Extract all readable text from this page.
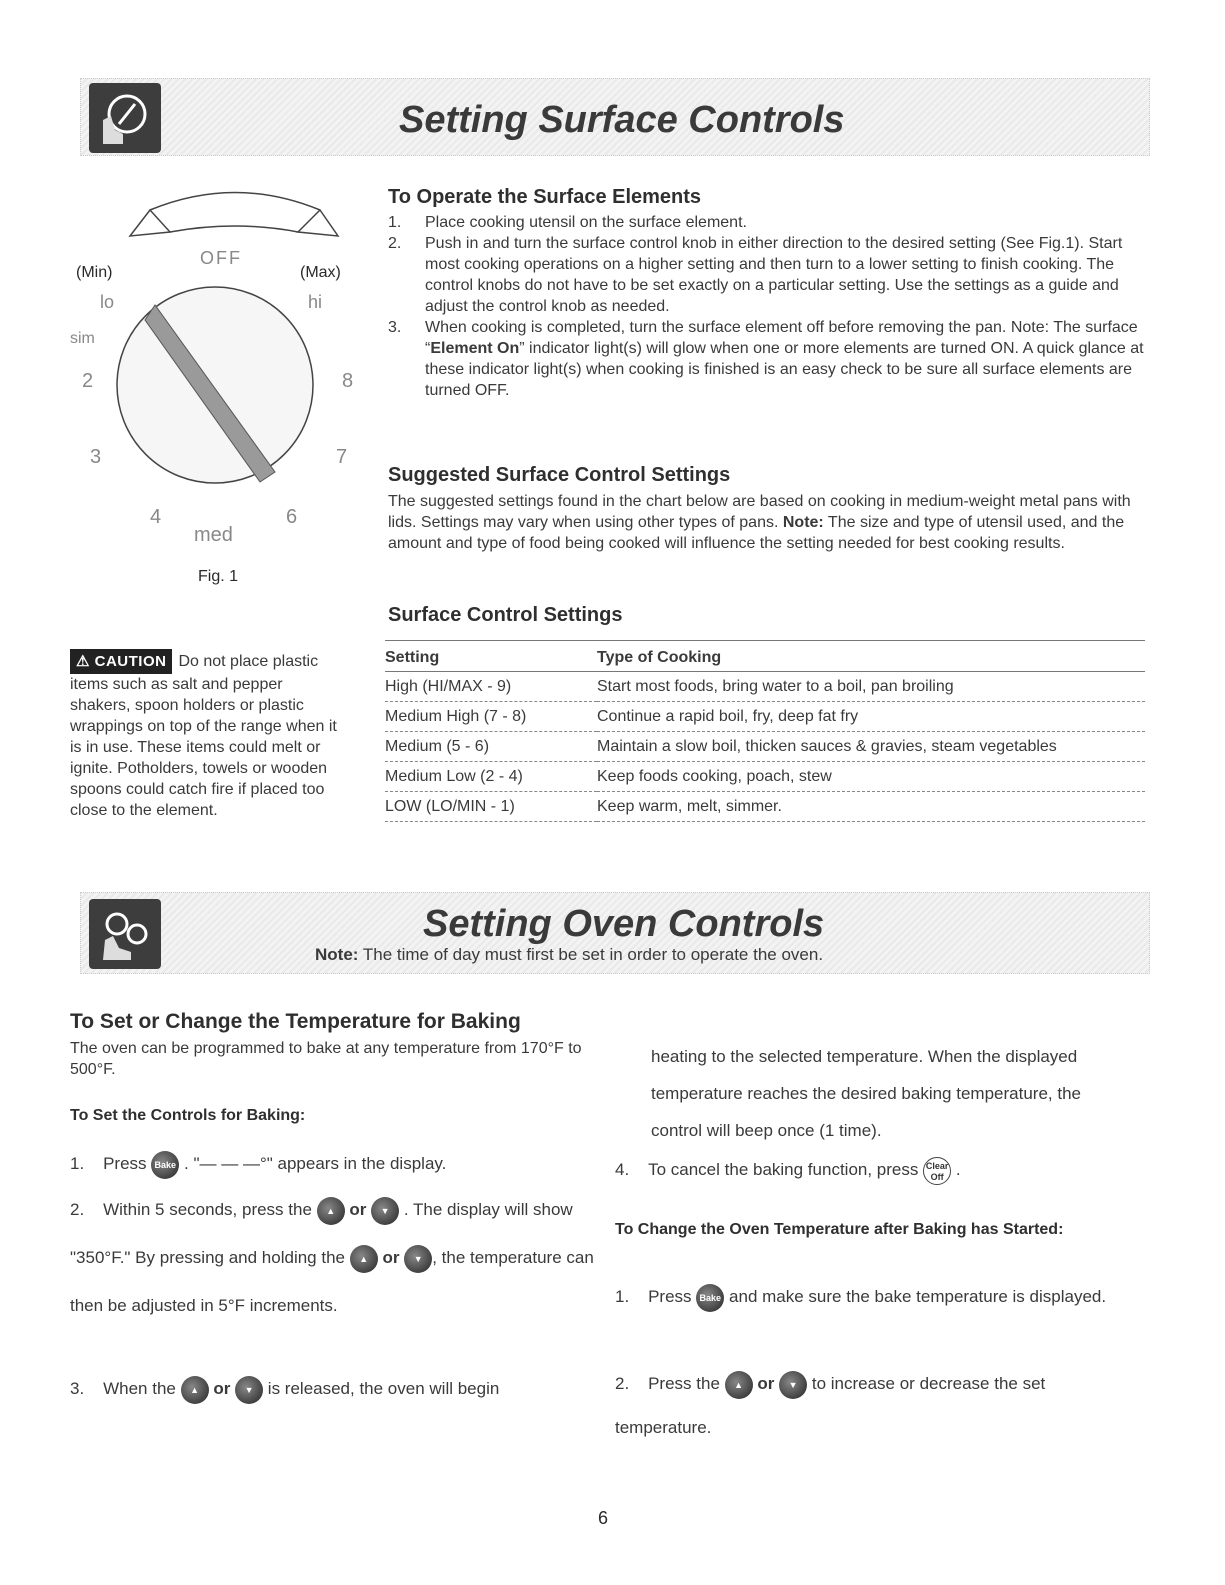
Setting Surface Controls
(Min)
OFF
(Max)
lo	hi
sim
2	8
3	7
4	6
med
Fig. 1
To Operate the Surface Elements
1. Place cooking utensil on the surface element.
2. Push in and turn the surface control knob in either direction to the desired setting (See Fig.1). Start most cooking operations on a higher setting and then turn to a lower setting to finish cooking. The control knobs do not have to be set exactly on a particular setting. Use the settings as a guide and adjust the control knob as needed.
3. When cooking is completed, turn the surface element off before removing the pan. Note: The surface “Element On” indicator light(s) will glow when one or more elements are turned ON. A quick glance at these indicator light(s) when cooking is finished is an easy check to be sure all surface elements are turned OFF.
Suggested Surface Control Settings
The suggested settings found in the chart below are based on cooking in medium-weight metal pans with lids. Settings may vary when using other types of pans. Note: The size and type of utensil used, and the amount and type of food being cooked will influence the setting needed for best cooking results.
Surface Control Settings
Setting	Type of Cooking
High (HI/MAX - 9)	Start most foods, bring water to a boil, pan broiling
Medium High (7 - 8)	Continue a rapid boil, fry, deep fat fry
Medium (5 - 6)	Maintain a slow boil, thicken sauces & gravies, steam vegetables
Medium Low (2 - 4)	Keep foods cooking, poach, stew
LOW (LO/MIN - 1)	Keep warm, melt, simmer.
⚠ CAUTION Do not place plastic items such as salt and pepper shakers, spoon holders or plastic wrappings on top of the range when it is in use. These items could melt or ignite. Potholders, towels or wooden spoons could catch fire if placed too close to the element.
Setting Oven Controls
Note: The time of day must first be set in order to operate the oven.
To Set or Change the Temperature for Baking
The oven can be programmed to bake at any temperature from 170°F to 500°F.
To Set the Controls for Baking:
1. Press Bake . "— — —°" appears in the display.
2. Within 5 seconds, press the ▲ or ▼ . The display will show "350°F." By pressing and holding the ▲ or ▼ , the temperature can then be adjusted in 5°F increments.
3. When the ▲ or ▼ is released, the oven will begin
heating to the selected temperature. When the displayed temperature reaches the desired baking temperature, the control will beep once (1 time).
4. To cancel the baking function, press Clear
Off .
To Change the Oven Temperature after Baking has Started:
1. Press Bake and make sure the bake temperature is displayed.
2. Press the ▲ or ▼ to increase or decrease the set temperature.
6
